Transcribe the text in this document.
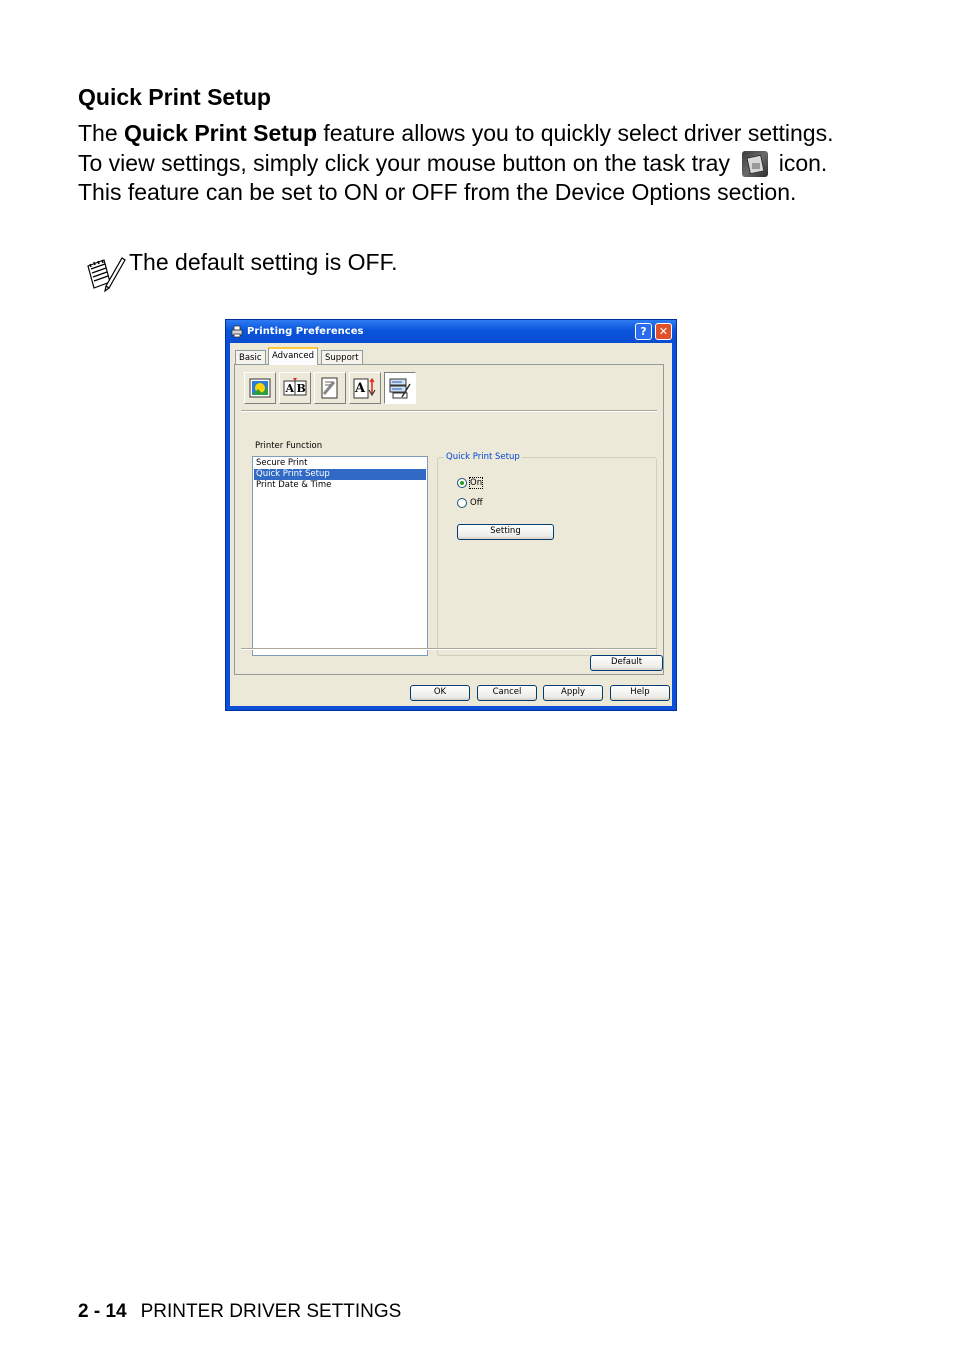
Quick Print Setup

The Quick Print Setup feature allows you to quickly select driver settings. To view settings, simply click your mouse button on the task tray  icon. This feature can be set to ON or OFF from the Device Options section.

The default setting is OFF.

Printing Preferences	?	✕
Basic	Advanced	Support
A B	A
Printer Function
Secure Print
Quick Print Setup
Print Date & Time
Quick Print Setup
On
Off
Setting
Default
OK	Cancel	Apply	Help

2 - 14 PRINTER DRIVER SETTINGS
